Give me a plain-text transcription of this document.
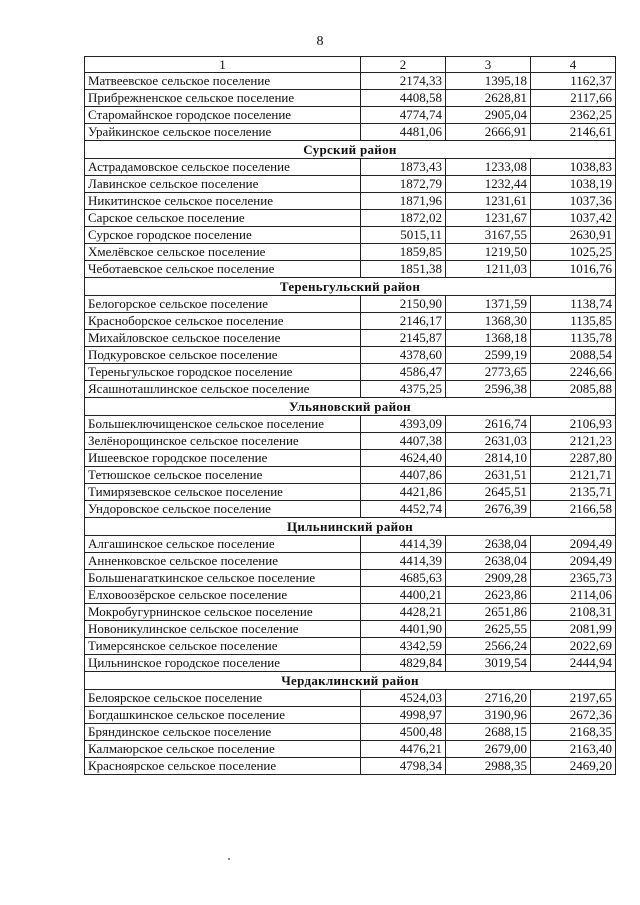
8
1	2	3	4
Матвеевское сельское поселение	2174,33	1395,18	1162,37
Прибрежненское сельское поселение	4408,58	2628,81	2117,66
Старомайнское городское поселение	4774,74	2905,04	2362,25
Урайкинское сельское поселение	4481,06	2666,91	2146,61
Сурский район			
Астрадамовское сельское поселение	1873,43	1233,08	1038,83
Лавинское сельское поселение	1872,79	1232,44	1038,19
Никитинское сельское поселение	1871,96	1231,61	1037,36
Сарское сельское поселение	1872,02	1231,67	1037,42
Сурское городское поселение	5015,11	3167,55	2630,91
Хмелёвское сельское поселение	1859,85	1219,50	1025,25
Чеботаевское сельское поселение	1851,38	1211,03	1016,76
Тереньгульский район			
Белогорское сельское поселение	2150,90	1371,59	1138,74
Красноборское сельское поселение	2146,17	1368,30	1135,85
Михайловское сельское поселение	2145,87	1368,18	1135,78
Подкуровское сельское поселение	4378,60	2599,19	2088,54
Тереньгульское городское поселение	4586,47	2773,65	2246,66
Ясашноташлинское сельское поселение	4375,25	2596,38	2085,88
Ульяновский район			
Большеключищенское сельское поселение	4393,09	2616,74	2106,93
Зелёнорощинское сельское поселение	4407,38	2631,03	2121,23
Ишеевское городское поселение	4624,40	2814,10	2287,80
Тетюшское сельское поселение	4407,86	2631,51	2121,71
Тимирязевское сельское поселение	4421,86	2645,51	2135,71
Ундоровское сельское поселение	4452,74	2676,39	2166,58
Цильнинский район			
Алгашинское сельское поселение	4414,39	2638,04	2094,49
Анненковское сельское поселение	4414,39	2638,04	2094,49
Большенагаткинское сельское поселение	4685,63	2909,28	2365,73
Елховоозёрское сельское поселение	4400,21	2623,86	2114,06
Мокробугурнинское сельское поселение	4428,21	2651,86	2108,31
Новоникулинское сельское поселение	4401,90	2625,55	2081,99
Тимерсянское сельское поселение	4342,59	2566,24	2022,69
Цильнинское городское поселение	4829,84	3019,54	2444,94
Чердаклинский район			
Белоярское сельское поселение	4524,03	2716,20	2197,65
Богдашкинское сельское поселение	4998,97	3190,96	2672,36
Бряндинское сельское поселение	4500,48	2688,15	2168,35
Калмаюрское сельское поселение	4476,21	2679,00	2163,40
Красноярское сельское поселение	4798,34	2988,35	2469,20
